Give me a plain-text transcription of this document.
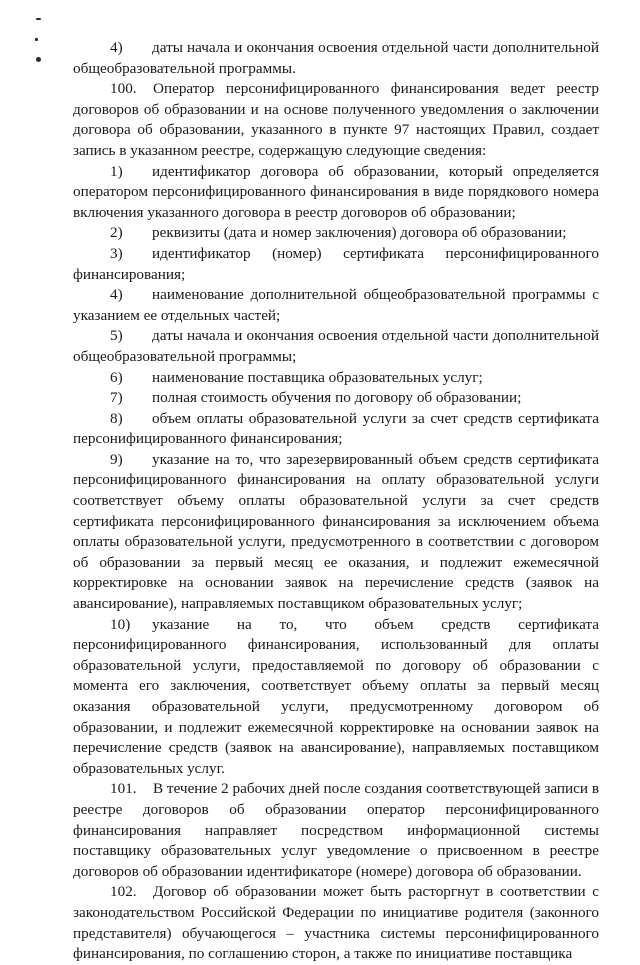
4) даты начала и окончания освоения отдельной части дополнительной общеобразовательной программы.

100. Оператор персонифицированного финансирования ведет реестр договоров об образовании и на основе полученного уведомления о заключении договора об образовании, указанного в пункте 97 настоящих Правил, создает запись в указанном реестре, содержащую следующие сведения:

1) идентификатор договора об образовании, который определяется оператором персонифицированного финансирования в виде порядкового номера включения указанного договора в реестр договоров об образовании;

2) реквизиты (дата и номер заключения) договора об образовании;

3) идентификатор (номер) сертификата персонифицированного финансирования;

4) наименование дополнительной общеобразовательной программы с указанием ее отдельных частей;

5) даты начала и окончания освоения отдельной части дополнительной общеобразовательной программы;

6) наименование поставщика образовательных услуг;

7) полная стоимость обучения по договору об образовании;

8) объем оплаты образовательной услуги за счет средств сертификата персонифицированного финансирования;

9) указание на то, что зарезервированный объем средств сертификата персонифицированного финансирования на оплату образовательной услуги соответствует объему оплаты образовательной услуги за счет средств сертификата персонифицированного финансирования за исключением объема оплаты образовательной услуги, предусмотренного в соответствии с договором об образовании за первый месяц ее оказания, и подлежит ежемесячной корректировке на основании заявок на перечисление средств (заявок на авансирование), направляемых поставщиком образовательных услуг;

10) указание на то, что объем средств сертификата персонифицированного финансирования, использованный для оплаты образовательной услуги, предоставляемой по договору об образовании с момента его заключения, соответствует объему оплаты за первый месяц оказания образовательной услуги, предусмотренному договором об образовании, и подлежит ежемесячной корректировке на основании заявок на перечисление средств (заявок на авансирование), направляемых поставщиком образовательных услуг.

101. В течение 2 рабочих дней после создания соответствующей записи в реестре договоров об образовании оператор персонифицированного финансирования направляет посредством информационной системы поставщику образовательных услуг уведомление о присвоенном в реестре договоров об образовании идентификаторе (номере) договора об образовании.

102. Договор об образовании может быть расторгнут в соответствии с законодательством Российской Федерации по инициативе родителя (законного представителя) обучающегося – участника системы персонифицированного финансирования, по соглашению сторон, а также по инициативе поставщика
